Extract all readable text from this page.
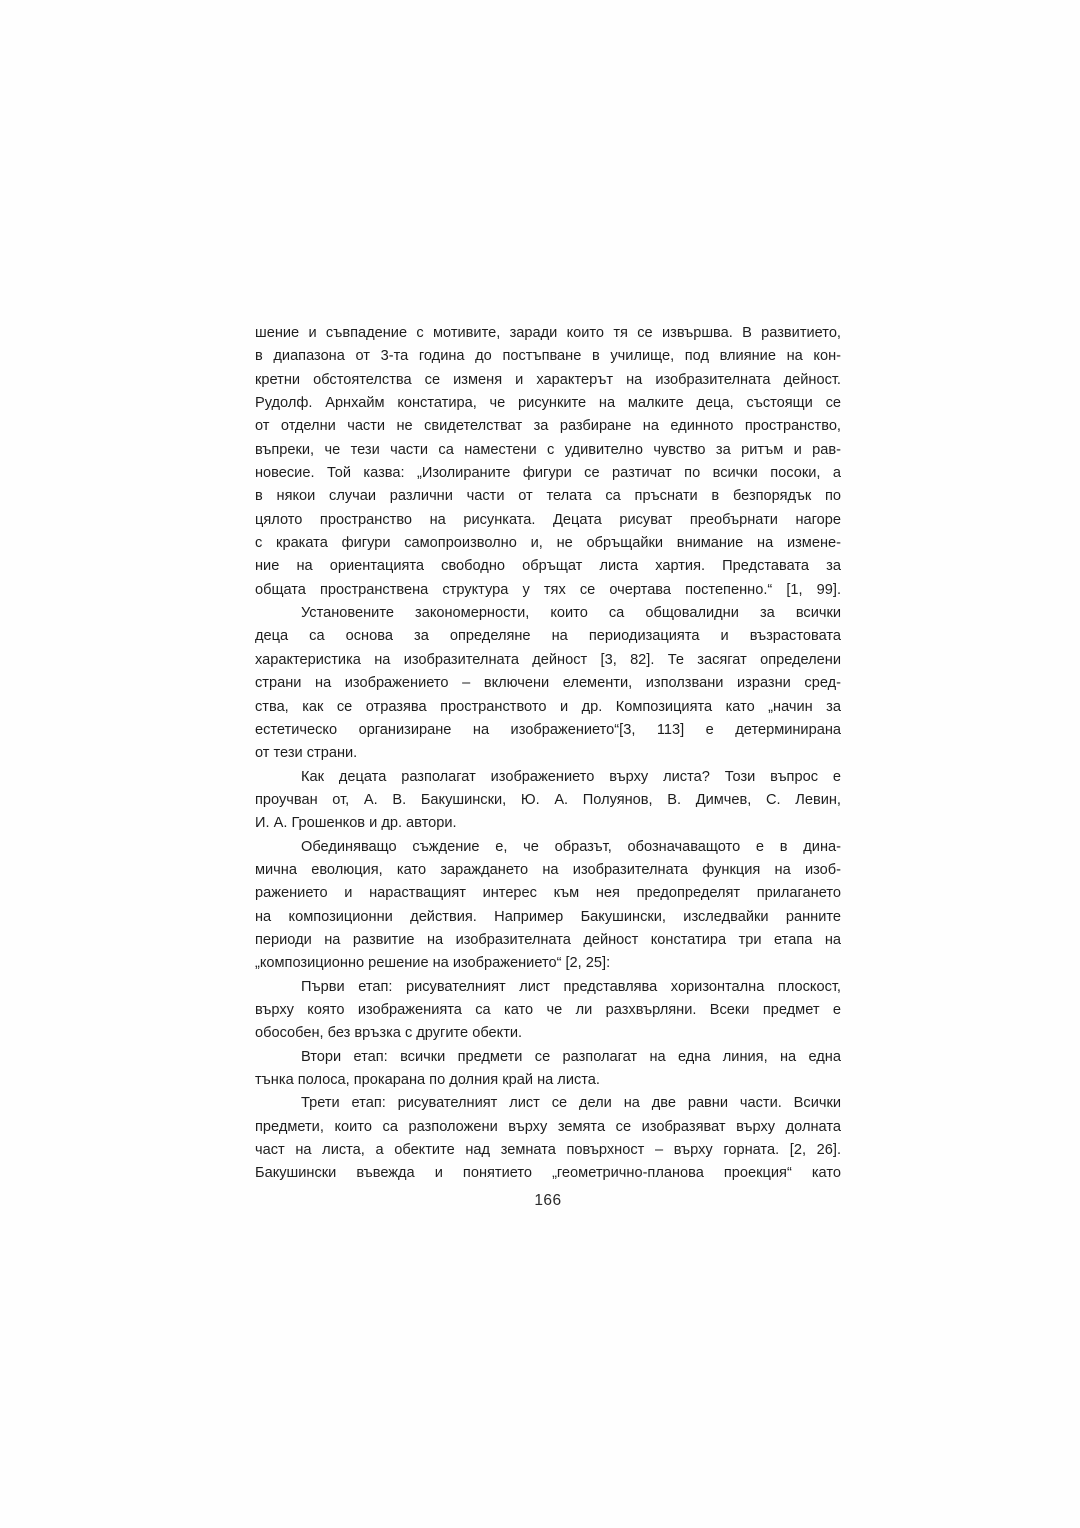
шение и съвпадение с мотивите, заради които тя се извършва. В развитието,
в диапазона от 3-та година до постъпване в училище, под влияние на кон-
кретни обстоятелства се изменя и характерът на изобразителната дейност.
Рудолф. Арнхайм констатира, че рисунките на малките деца, състоящи се
от отделни части не свидетелстват за разбиране на единното пространство,
въпреки, че тези части са наместени с удивително чувство за ритъм и рав-
новесие. Той казва: „Изолираните фигури се разтичат по всички посоки, а
в някои случаи различни части от телата са пръснати в безпорядък по
цялото пространство на рисунката. Децата рисуват преобърнати нагоре
с краката фигури самопроизволно и, не обръщайки внимание на измене-
ние на ориентацията свободно обръщат листа хартия. Представата за
общата пространствена структура у тях се очертава постепенно.“ [1, 99].
Установените закономерности, които са общовалидни за всички
деца са основа за определяне на периодизацията и възрастовата
характеристика на изобразителната дейност [3, 82]. Те засягат определени
страни на изображението – включени елементи, използвани изразни сред-
ства, как се отразява пространството и др. Композицията като „начин за
естетическо организиране на изображението“[3, 113] е детерминирана
от тези страни.
Как децата разполагат изображението върху листа? Този въпрос е
проучван от, А. В. Бакушински, Ю. А. Полуянов, В. Димчев, С. Левин,
И. А. Грошенков и др. автори.
Обединяващо съждение е, че образът, обозначаващото е в дина-
мична еволюция, като зараждането на изобразителната функция на изоб-
ражението и нарастващият интерес към нея предопределят прилагането
на композиционни действия. Например Бакушински, изследвайки ранните
периоди на развитие на изобразителната дейност констатира три етапа на
„композиционно решение на изображението“ [2, 25]:
Първи етап: рисувателният лист представлява хоризонтална плоскост,
върху която изображенията са като че ли разхвърляни. Всеки предмет е
обособен, без връзка с другите обекти.
Втори етап: всички предмети се разполагат на една линия, на една
тънка полоса, прокарана по долния край на листа.
Трети етап: рисувателният лист се дели на две равни части. Всички
предмети, които са разположени върху земята се изобразяват върху долната
част на листа, а обектите над земната повърхност – върху горната. [2, 26].
Бакушински въвежда и понятието „геометрично-планова проекция“ като
166
